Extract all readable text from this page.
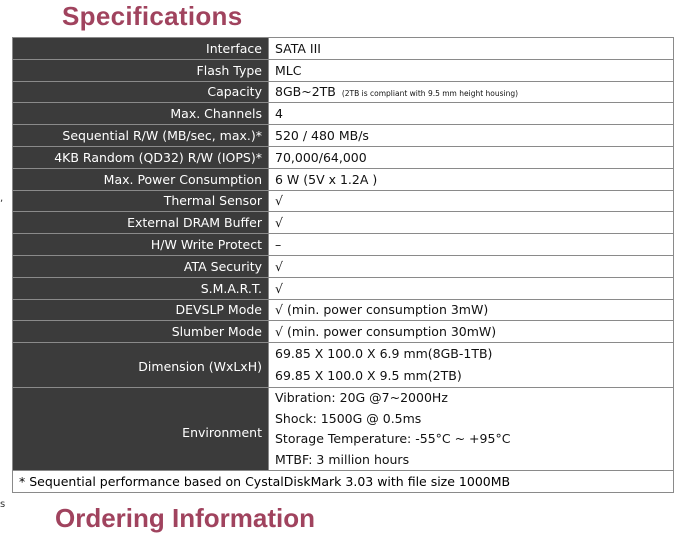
Specifications
,
s
Interface	SATA III
Flash Type	MLC
Capacity	8GB~2TB (2TB is compliant with 9.5 mm height housing)
Max. Channels	4
Sequential R/W (MB/sec, max.)*	520 / 480 MB/s
4KB Random (QD32) R/W (IOPS)*	70,000/64,000
Max. Power Consumption	6 W (5V x 1.2A )
Thermal Sensor	√
External DRAM Buffer	√
H/W Write Protect	–
ATA Security	√
S.M.A.R.T.	√
DEVSLP Mode	√ (min. power consumption 3mW)
Slumber Mode	√ (min. power consumption 30mW)
Dimension (WxLxH)	69.85 X 100.0 X 6.9 mm(8GB-1TB)
69.85 X 100.0 X 9.5 mm(2TB)

Environment	Vibration: 20G @7~2000Hz
Shock: 1500G @ 0.5ms
Storage Temperature: -55°C ~ +95°C
MTBF: 3 million hours

* Sequential performance based on CystalDiskMark 3.03 with file size 1000MB	
Ordering Information
